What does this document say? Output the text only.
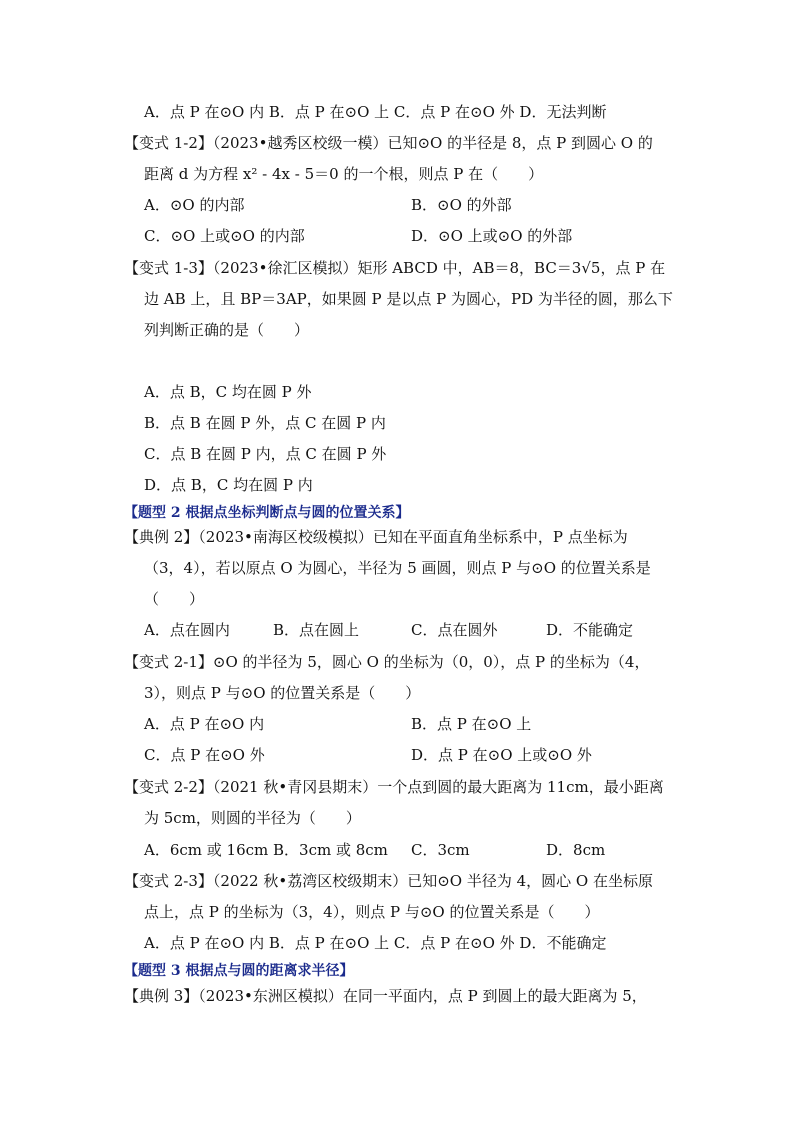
A．点 P 在⊙O 内 B．点 P 在⊙O 上 C．点 P 在⊙O 外 D．无法判断
【变式 1-2】（2023•越秀区校级一模）已知⊙O 的半径是 8，点 P 到圆心 O 的
距离 d 为方程 x² - 4x - 5＝0 的一个根，则点 P 在（　　）
A．⊙O 的内部	B．⊙O 的外部
C．⊙O 上或⊙O 的内部	D．⊙O 上或⊙O 的外部
【变式 1-3】（2023•徐汇区模拟）矩形 ABCD 中，AB＝8，BC＝3√5，点 P 在
边 AB 上，且 BP＝3AP，如果圆 P 是以点 P 为圆心，PD 为半径的圆，那么下
列判断正确的是（　　）
A．点 B，C 均在圆 P 外
B．点 B 在圆 P 外，点 C 在圆 P 内
C．点 B 在圆 P 内，点 C 在圆 P 外
D．点 B，C 均在圆 P 内
【题型 2 根据点坐标判断点与圆的位置关系】
【典例 2】（2023•南海区校级模拟）已知在平面直角坐标系中，P 点坐标为
（3，4），若以原点 O 为圆心，半径为 5 画圆，则点 P 与⊙O 的位置关系是
（　　）
A．点在圆内	B．点在圆上	C．点在圆外	D．不能确定
【变式 2-1】⊙O 的半径为 5，圆心 O 的坐标为（0，0），点 P 的坐标为（4，
3），则点 P 与⊙O 的位置关系是（　　）
A．点 P 在⊙O 内	B．点 P 在⊙O 上
C．点 P 在⊙O 外	D．点 P 在⊙O 上或⊙O 外
【变式 2-2】（2021 秋•青冈县期末）一个点到圆的最大距离为 11cm，最小距离
为 5cm，则圆的半径为（　　）
A．6cm 或 16cm B．3cm 或 8cm C．3cm	D．8cm
【变式 2-3】（2022 秋•荔湾区校级期末）已知⊙O 半径为 4，圆心 O 在坐标原
点上，点 P 的坐标为（3，4），则点 P 与⊙O 的位置关系是（　　）
A．点 P 在⊙O 内 B．点 P 在⊙O 上 C．点 P 在⊙O 外 D．不能确定
【题型 3 根据点与圆的距离求半径】
【典例 3】（2023•东洲区模拟）在同一平面内，点 P 到圆上的最大距离为 5，
